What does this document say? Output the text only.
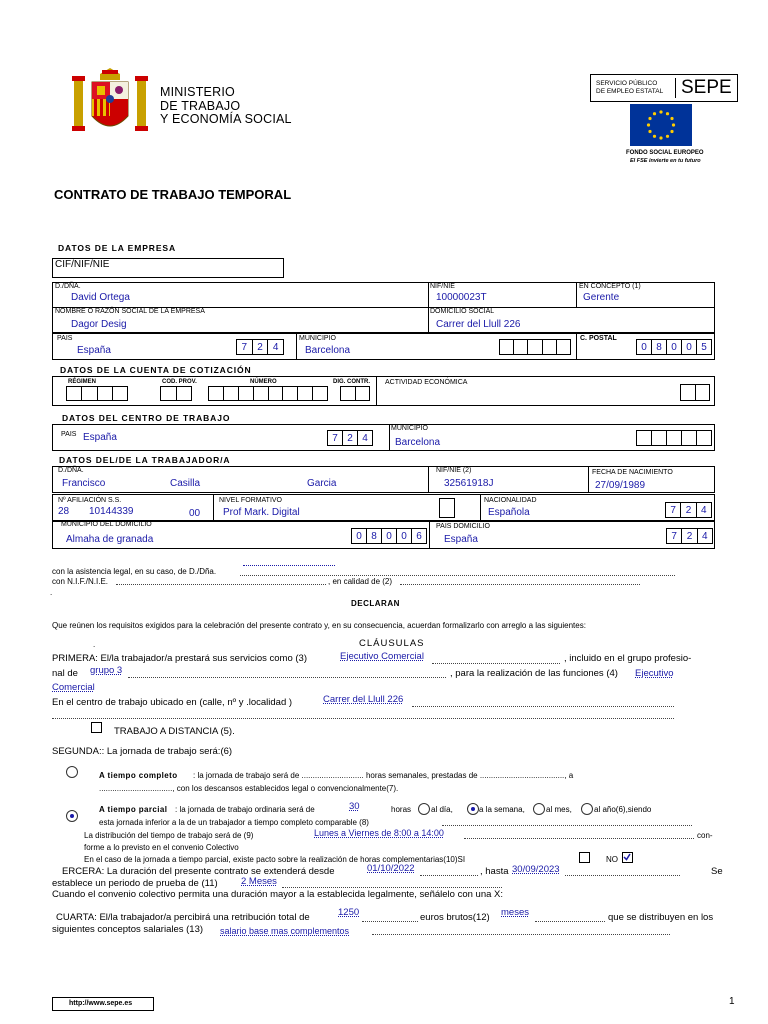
MINISTERIO
DE TRABAJO
Y ECONOMÍA SOCIAL
SERVICIO PÚBLICO
DE EMPLEO ESTATAL SEPE
FONDO SOCIAL EUROPEO
El FSE invierte en tu futuro
CONTRATO DE TRABAJO TEMPORAL
DATOS DE LA EMPRESA
CIF/NIF/NIE
D./DÑA.
David Ortega
NIF/NIE
10000023T
EN CONCEPTO (1)
Gerente
NOMBRE O RAZÓN SOCIAL DE LA EMPRESA
Dagor Desig
DOMICILIO SOCIAL
Carrer del Llull 226
PAIS
España	7	2	4
MUNICIPIO
Barcelona
C. POSTAL
0 8 0 0 5
DATOS DE LA CUENTA DE COTIZACIÓN
RÉGIMEN	COD. PROV.	NÚMERO	DIG. CONTR. ACTIVIDAD ECONÓMICA
DATOS DEL CENTRO DE TRABAJO
PAIS España	7 2 4
MUNICIPIO
Barcelona
DATOS DEL/DE LA TRABAJADOR/A
D./DÑA.
Francisco	Casilla	Garcia
NIF/NIE (2)
32561918J
FECHA DE NACIMIENTO
27/09/1989
Nº AFILIACIÓN S.S.
28 10144339	00
NIVEL FORMATIVO
Prof Mark. Digital
NACIONALIDAD
Española	7 2 4
MUNICIPIO DEL DOMICILIO
Almaha de granada	0 8 0 0 6
PAIS DOMICILIO
España	7 2 4
con la asistencia legal, en su caso, de D./Dña.
con N.I.F./N.I.E.	, en calidad de (2)
.
DECLARAN
Que reúnen los requisitos exigidos para la celebración del presente contrato y, en su consecuencia, acuerdan formalizarlo con arreglo a las siguientes:
.	CLÁUSULAS
PRIMERA: El/la trabajador/a prestará sus servicios como (3)	Ejecutivo Comercial	, incluido en el grupo profesio-
nal de grupo 3	, para la realización de las funciones (4) Ejecutivo
Comercial
En el centro de trabajo ubicado en (calle, nº y .localidad )	Carrer del Llull 226
TRABAJO A DISTANCIA (5).
SEGUNDA:: La jornada de trabajo será:(6)
A tiempo completo : la jornada de trabajo será de ............................ horas semanales, prestadas de ......................................, a
................................., con los descansos establecidos legal o convencionalmente(7).
A tiempo parcial : la jornada de trabajo ordinaria será de	30	horas al día,	a la semana,	al mes,	al año(6),siendo
esta jornada inferior a la de un trabajador a tiempo completo comparable (8)
La distribución del tiempo de trabajo será de (9)	Lunes a Viernes de 8:00 a 14:00	con-
forme a lo previsto en el convenio Colectivo
En el caso de la jornada a tiempo parcial, existe pacto sobre la realización de horas complementarias(10)SI	NO
ERCERA: La duración del presente contrato se extenderá desde	01/10/2022	, hasta 30/09/2023	Se
establece un periodo de prueba de (11) 2 Meses
Cuando el convenio colectivo permita una duración mayor a la establecida legalmente, señálelo con una X:
CUARTA: El/la trabajador/a percibirá una retribución total de	1250	euros brutos(12) meses	que se distribuyen en los
siguientes conceptos salariales (13) salario base mas complementos
http://www.sepe.es	1
